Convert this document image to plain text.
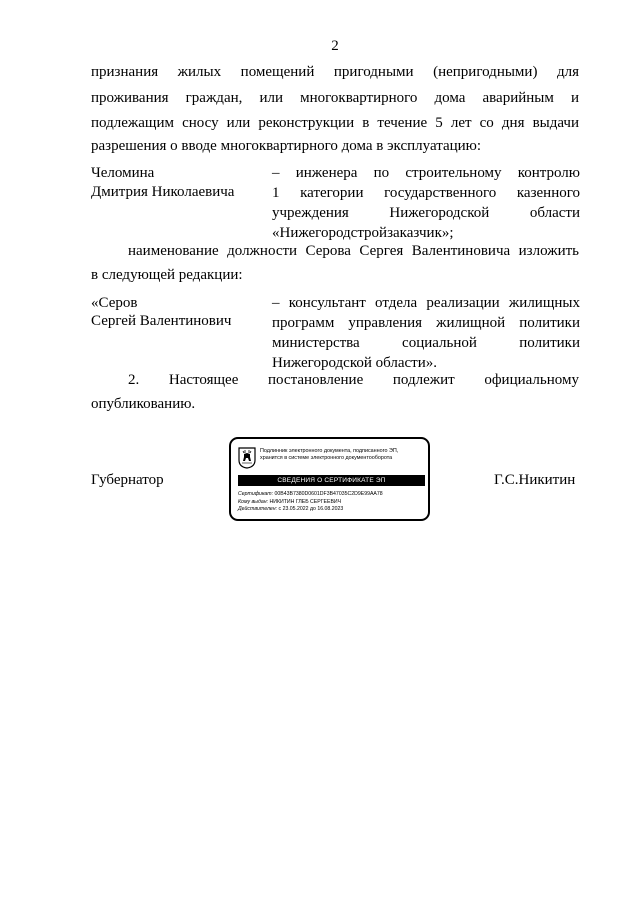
2
признания жилых помещений пригодными (непригодными) для
проживания граждан, или многоквартирного дома аварийным и
подлежащим сносу или реконструкции в течение 5 лет со дня выдачи
разрешения о вводе многоквартирного дома в эксплуатацию:
Челомина
Дмитрия Николаевича
– инженера по строительному контролю
1 категории государственного казенного
учреждения Нижегородской области
«Нижегородстройзаказчик»;
наименование должности Серова Сергея Валентиновича изложить
в следующей редакции:
«Серов
Сергей Валентинович
– консультант отдела реализации жилищных
программ управления жилищной политики
министерства социальной политики
Нижегородской области».
2. Настоящее постановление подлежит официальному
опубликованию.
Губернатор	Г.С.Никитин
Подлинник электронного документа, подписанного ЭП,
хранится в системе электронного документооборота
СВЕДЕНИЯ О СЕРТИФИКАТЕ ЭП
Сертификат: 00B43B7380D0601DF3B47035C2D9E99AA78
Кому выдан: НИКИТИН ГЛЕБ СЕРГЕЕВИЧ
Действителен: с 23.05.2022 до 16.08.2023
